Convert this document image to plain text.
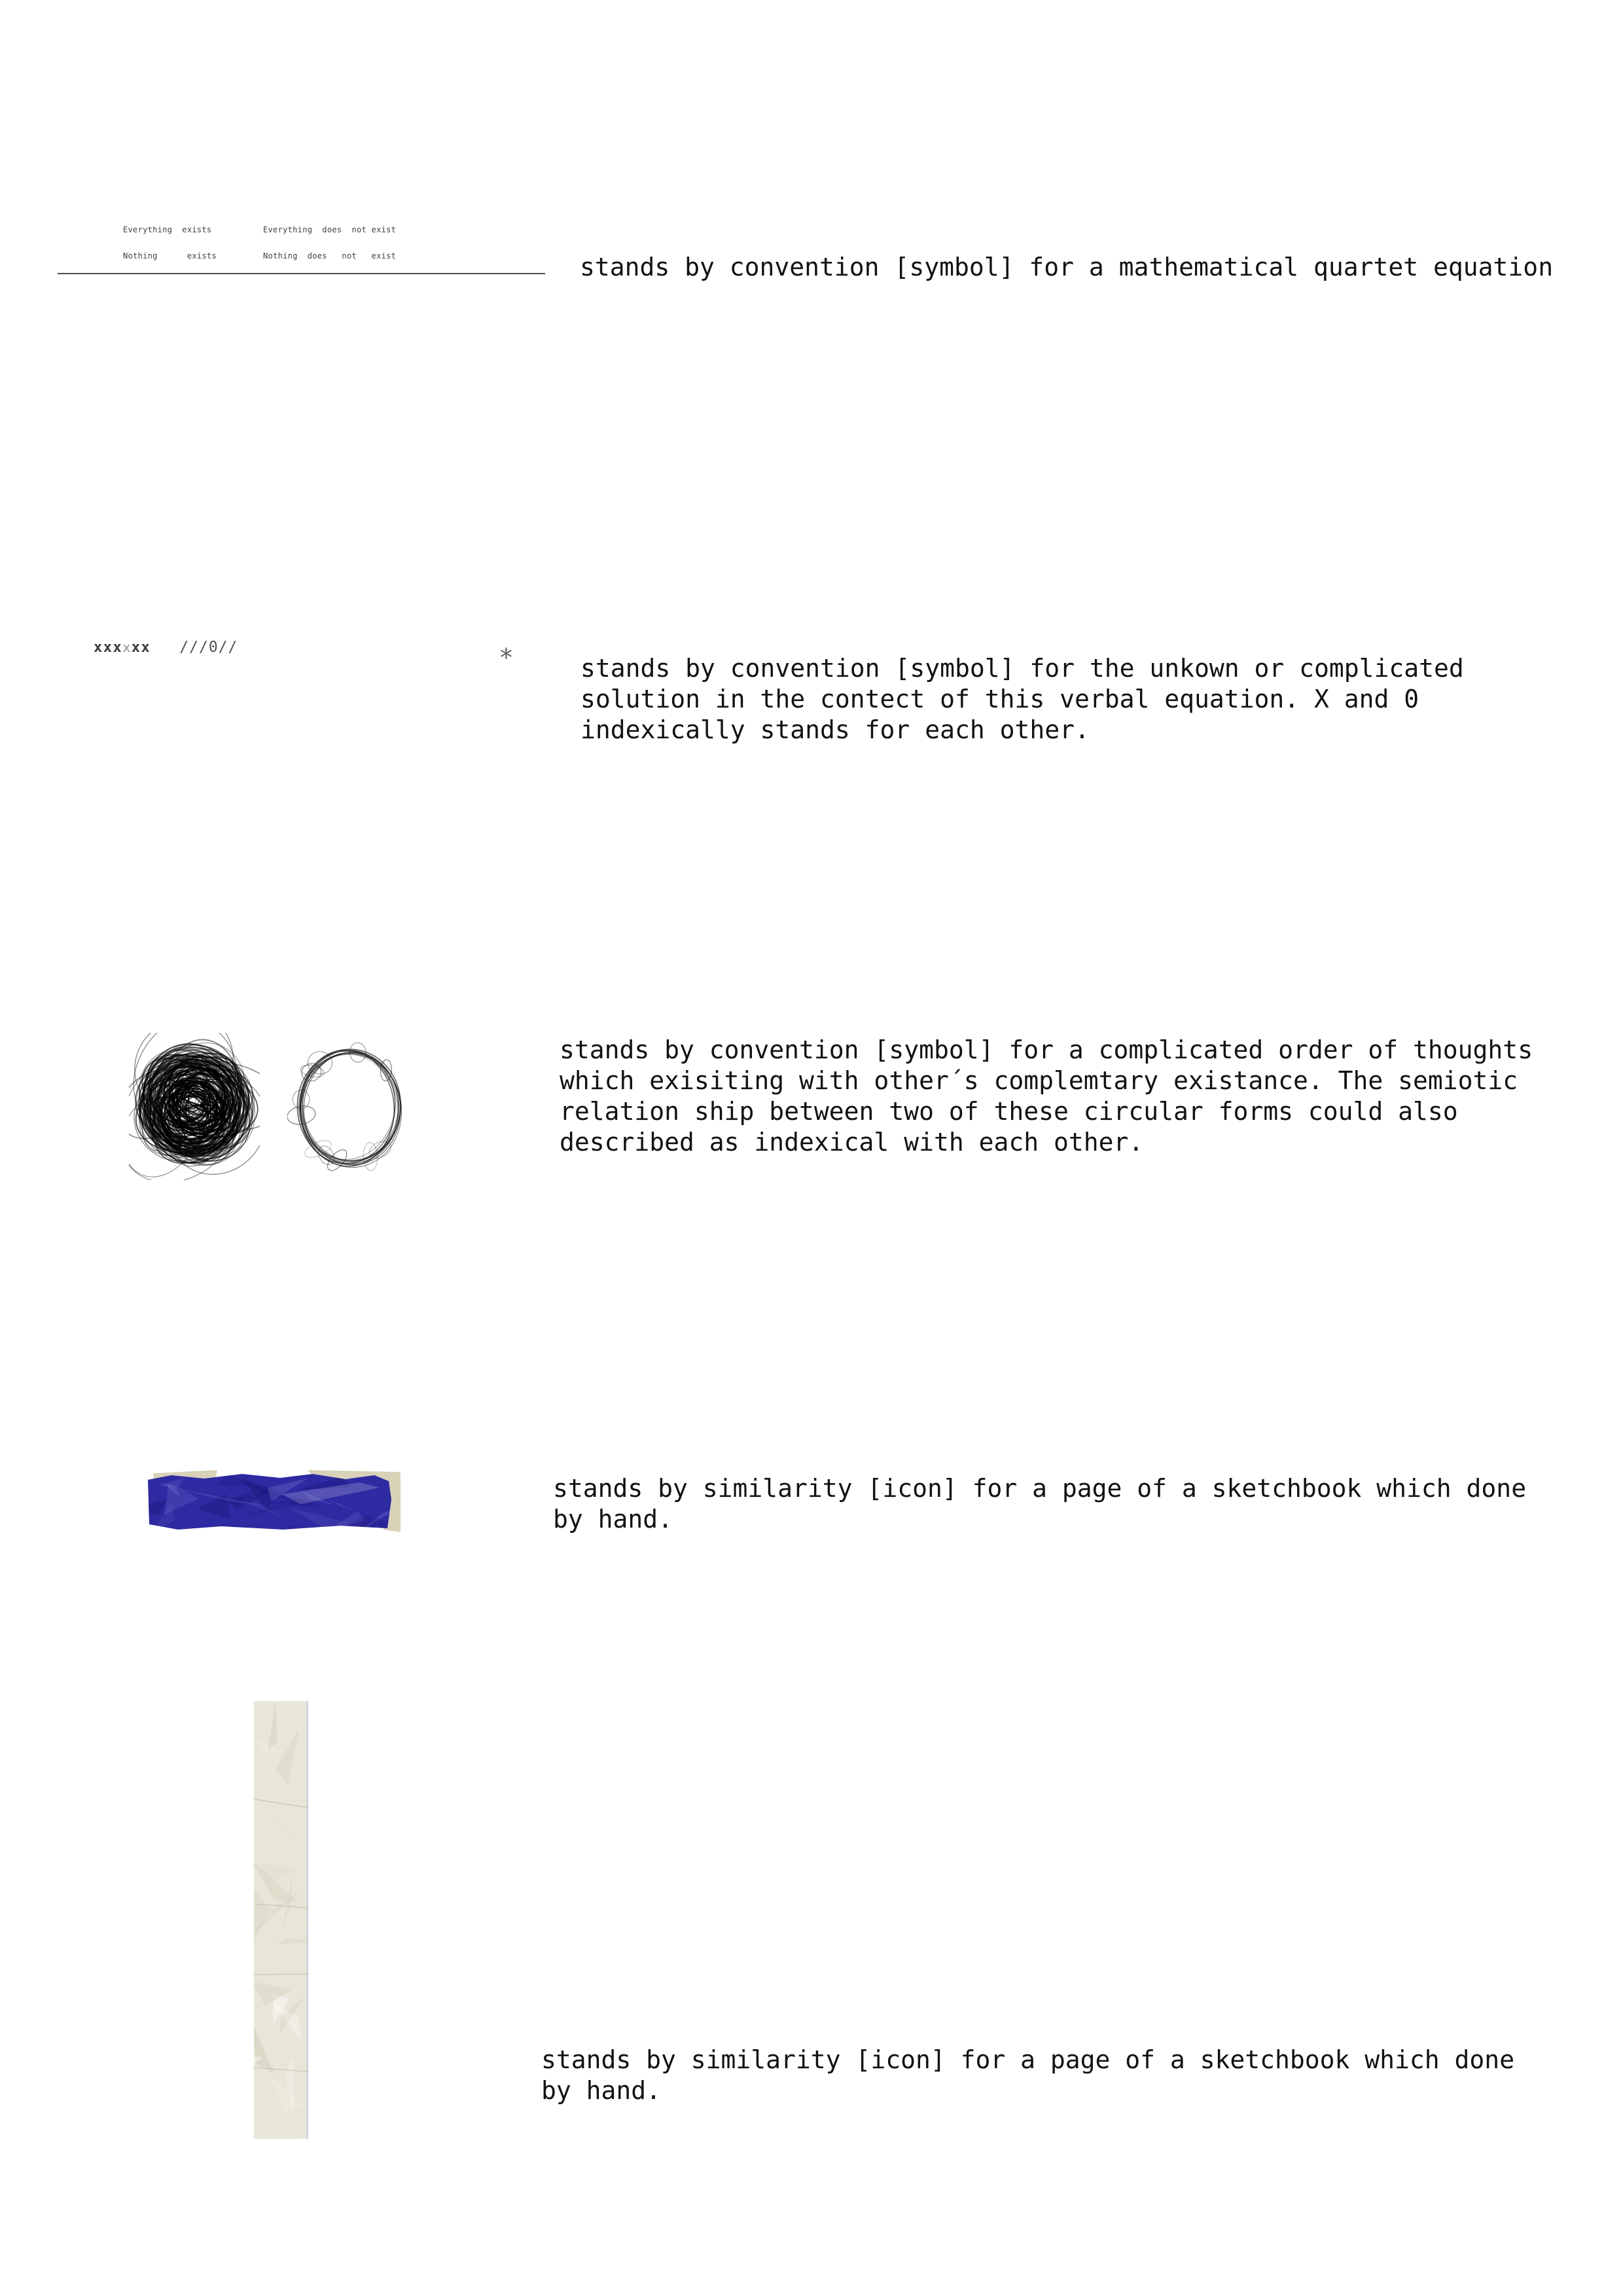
Everything  exists	Everything  does  not exist
Nothing      exists	Nothing  does   not   exist	stands by convention [symbol] for a mathematical quartet equation
xxx x xx ///0//	*	stands by convention [symbol] for the unkown or complicated
solution in the contect of this verbal equation. X and 0
indexically stands for each other.
stands by convention [symbol] for a complicated order of thoughts
which exisiting with other´s complemtary existance. The semiotic
relation ship between two of these circular forms could also
described as indexical with each other.
stands by similarity [icon] for a page of a sketchbook which done
by hand.
stands by similarity [icon] for a page of a sketchbook which done
by hand.
